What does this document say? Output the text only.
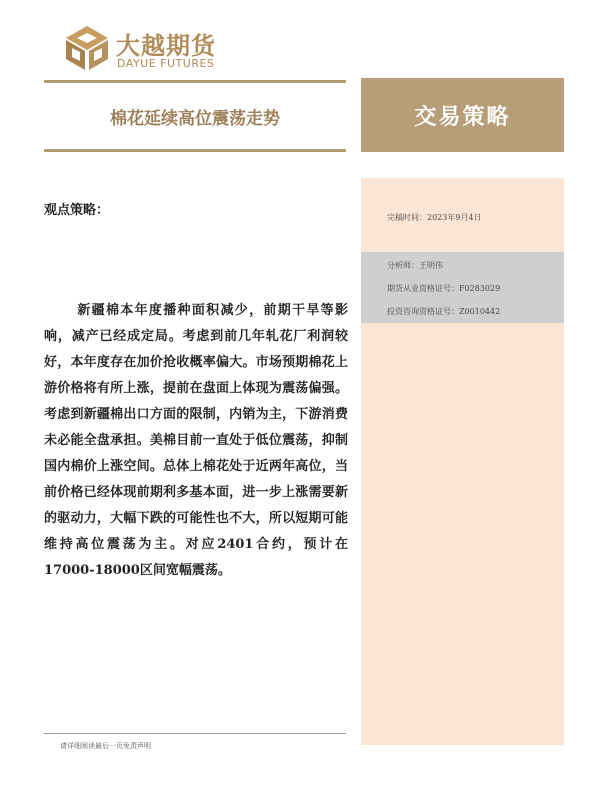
大越期货
DAYUE FUTURES
棉花延续高位震荡走势	交易策略
完稿时间：2023年9月4日
分析师：王明伟
期货从业资格证号：F0283029
投资咨询资格证号：Z0010442
观点策略：

新疆棉本年度播种面积减少，前期干旱等影响，减产已经成定局。考虑到前几年轧花厂利润较好，本年度存在加价抢收概率偏大。市场预期棉花上游价格将有所上涨，提前在盘面上体现为震荡偏强。考虑到新疆棉出口方面的限制，内销为主，下游消费未必能全盘承担。美棉目前一直处于低位震荡，抑制国内棉价上涨空间。总体上棉花处于近两年高位，当前价格已经体现前期利多基本面，进一步上涨需要新的驱动力，大幅下跌的可能性也不大，所以短期可能维持高位震荡为主。对应2401合约，预计在17000-18000区间宽幅震荡。

请详细阅读最后一页免责声明
